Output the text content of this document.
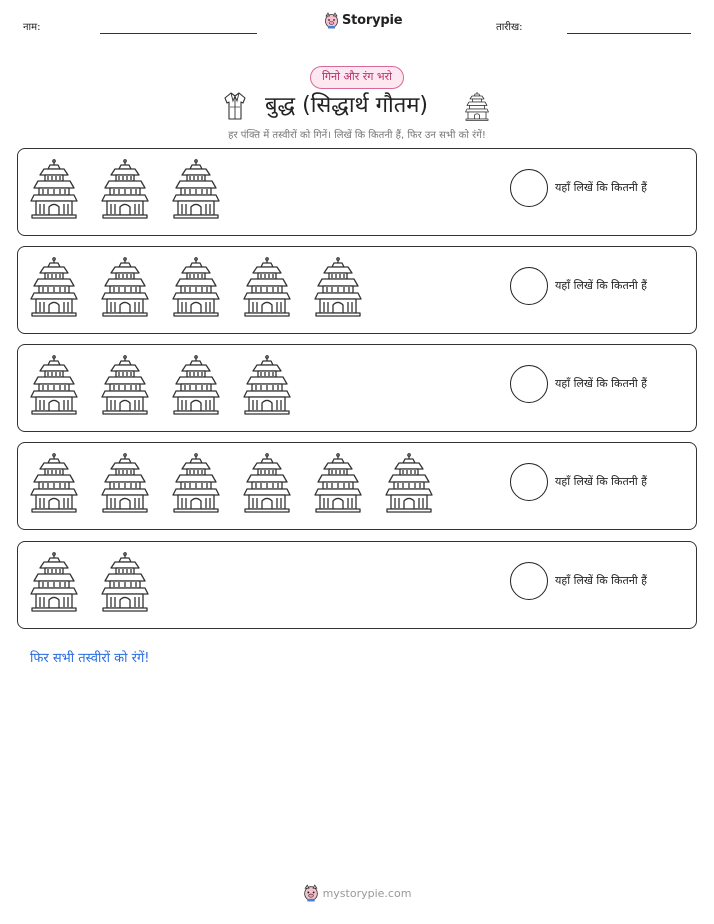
नाम:	Storypie	तारीख:
गिनो और रंग भरो
बुद्ध (सिद्धार्थ गौतम)
हर पंक्ति में तस्वीरों को गिनें। लिखें कि कितनी हैं, फिर उन सभी को रंगें!
यहाँ लिखें कि कितनी हैं
यहाँ लिखें कि कितनी हैं
यहाँ लिखें कि कितनी हैं
यहाँ लिखें कि कितनी हैं
यहाँ लिखें कि कितनी हैं
फिर सभी तस्वीरों को रंगें!
mystorypie.com
